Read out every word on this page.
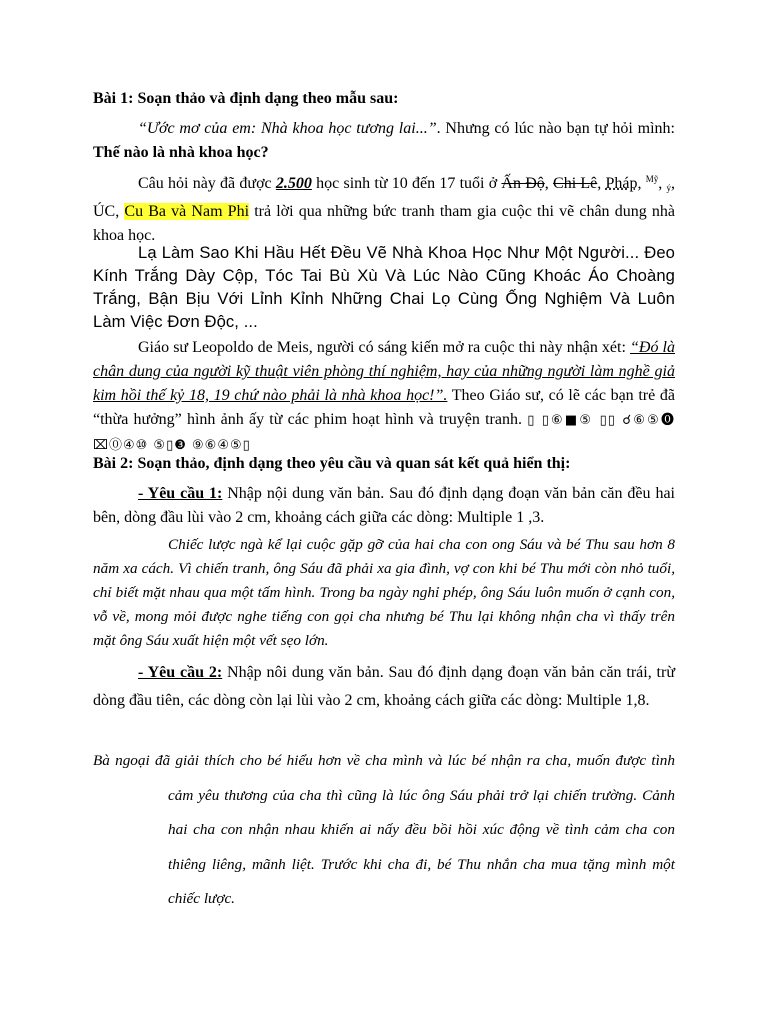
Bài 1: Soạn thảo và định dạng theo mẫu sau:
“Ước mơ của em: Nhà khoa học tương lai...”. Nhưng có lúc nào bạn tự hỏi mình: Thế nào là nhà khoa học?
Câu hỏi này đã được 2.500 học sinh từ 10 đến 17 tuổi ở Ấn Độ, Chi Lê, Pháp, $^{Mỹ}$, $_ý$, ÚC, Cu Ba và Nam Phi trả lời qua những bức tranh tham gia cuộc thi vẽ chân dung nhà khoa học.
Lạ Làm Sao Khi Hầu Hết Đều Vẽ Nhà Khoa Học Như Một Người... Đeo Kính Trắng Dày Cộp, Tóc Tai Bù Xù Và Lúc Nào Cũng Khoác Áo Choàng Trắng, Bận Bịu Với Lỉnh Kỉnh Những Chai Lọ Cùng Ống Nghiệm Và Luôn Làm Việc Đơn Độc, ...
Giáo sư Leopoldo de Meis, người có sáng kiến mở ra cuộc thi này nhận xét: “Đó là chân dung của người kỹ thuật viên phòng thí nghiệm, hay của những người làm nghề giả kim hồi thế kỷ 18, 19 chứ nào phải là nhà khoa học!”. Theo Giáo sư, có lẽ các bạn trẻ đã “thừa hưởng” hình ảnh ấy từ các phim hoạt hình và truyện tranh. ▯ ▯⑥■⑤ ▯▯ ☌⑥⑤⓿ ⌧⓪④⑩ ⑤▯❸ ⑨⑥④⑤▯
Bài 2: Soạn thảo, định dạng theo yêu cầu và quan sát kết quả hiển thị:
- Yêu cầu 1: Nhập nội dung văn bản. Sau đó định dạng đoạn văn bản căn đều hai bên, dòng đầu lùi vào 2 cm, khoảng cách giữa các dòng: Multiple 1 ,3.
Chiếc lược ngà kể lại cuộc gặp gỡ của hai cha con ong Sáu và bé Thu sau hơn 8 năm xa cách. Vì chiến tranh, ông Sáu đã phải xa gia đình, vợ con khi bé Thu mới còn nhỏ tuổi, chỉ biết mặt nhau qua một tấm hình. Trong ba ngày nghỉ phép, ông Sáu luôn muốn ở cạnh con, vỗ về, mong mỏi được nghe tiếng con gọi cha nhưng bé Thu lại không nhận cha vì thấy trên mặt ông Sáu xuất hiện một vết sẹo lớn.
- Yêu cầu 2: Nhập nôi dung văn bản. Sau đó định dạng đoạn văn bản căn trái, trừ dòng đầu tiên, các dòng còn lại lùi vào 2 cm, khoảng cách giữa các dòng: Multiple 1,8.
Bà ngoại đã giải thích cho bé hiểu hơn về cha mình và lúc bé nhận ra cha, muốn được tình cảm yêu thương của cha thì cũng là lúc ông Sáu phải trở lại chiến trường. Cảnh hai cha con nhận nhau khiến ai nấy đều bồi hồi xúc động về tình cảm cha con thiêng liêng, mãnh liệt. Trước khi cha đi, bé Thu nhắn cha mua tặng mình một chiếc lược.
